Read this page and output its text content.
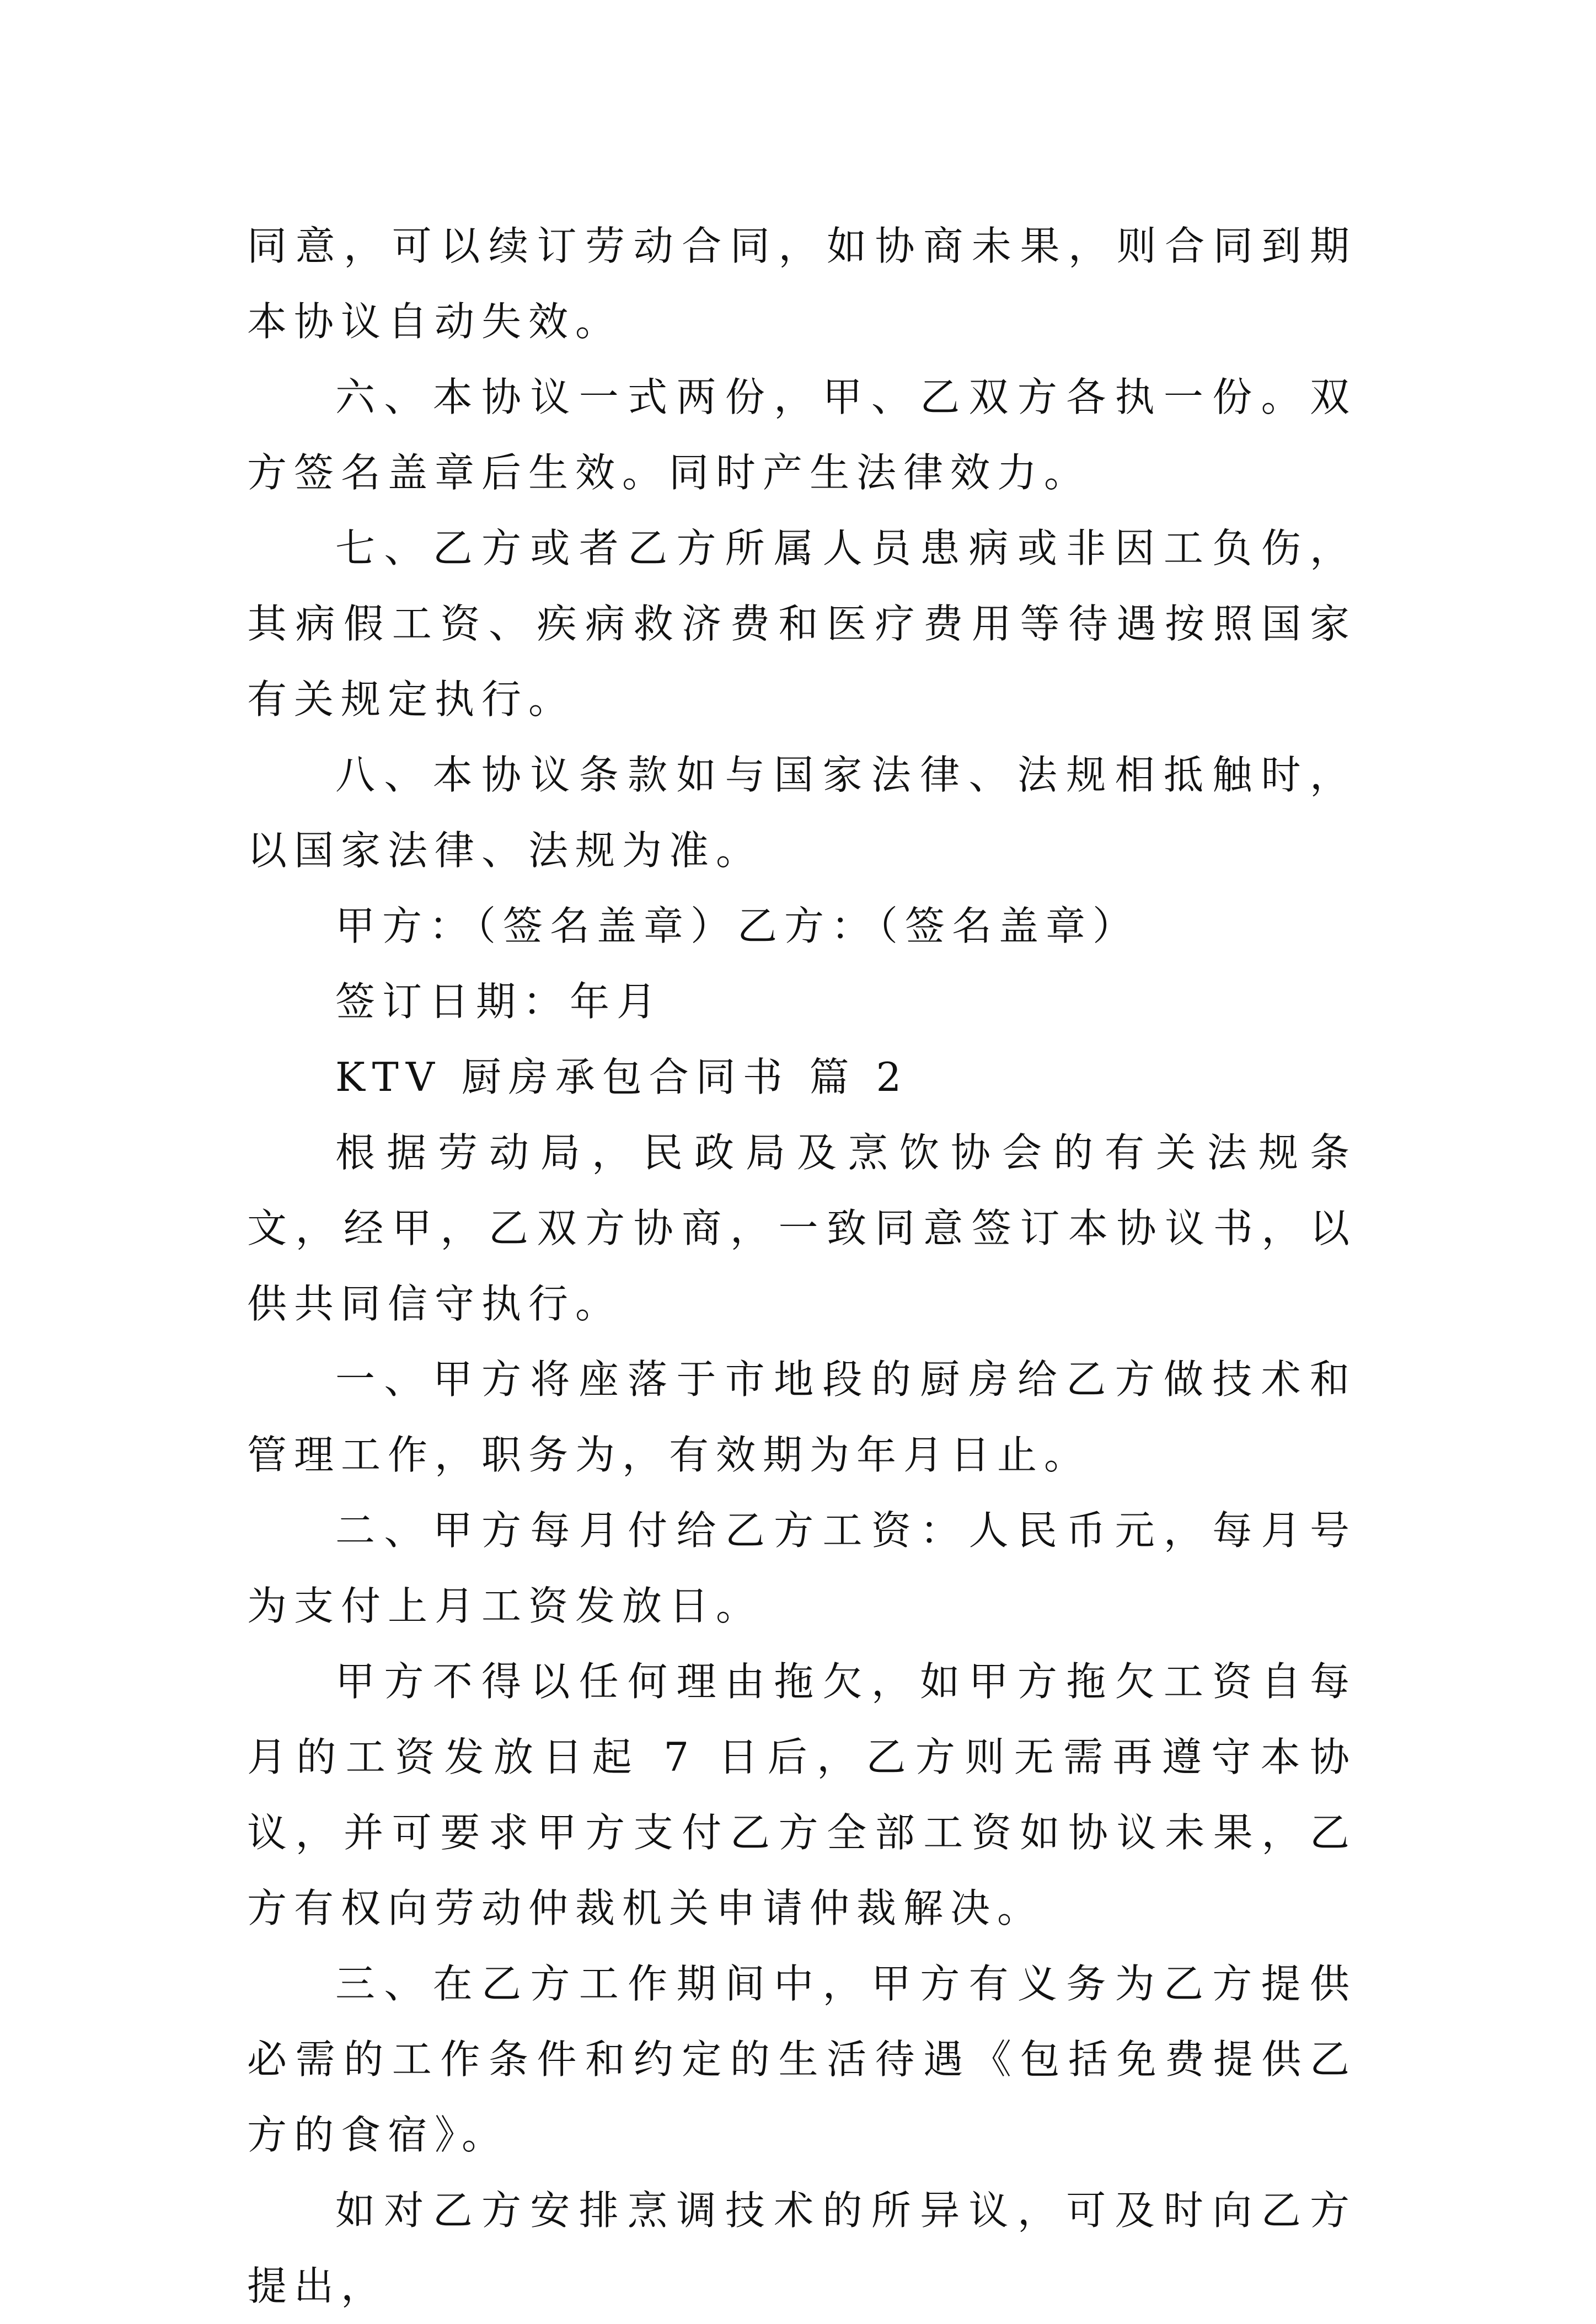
同意，可以续订劳动合同，如协商未果，则合同到期本协议自动失效。

六、本协议一式两份，甲、乙双方各执一份。双方签名盖章后生效。同时产生法律效力。

七、乙方或者乙方所属人员患病或非因工负伤，其病假工资、疾病救济费和医疗费用等待遇按照国家有关规定执行。

八、本协议条款如与国家法律、法规相抵触时，以国家法律、法规为准。

甲方：（签名盖章）乙方：（签名盖章）

签订日期：年月

KTV 厨房承包合同书 篇 2

根据劳动局，民政局及烹饮协会的有关法规条文，经甲，乙双方协商，一致同意签订本协议书，以供共同信守执行。

一、甲方将座落于市地段的厨房给乙方做技术和管理工作，职务为，有效期为年月日止。

二、甲方每月付给乙方工资：人民币元，每月号为支付上月工资发放日。

甲方不得以任何理由拖欠，如甲方拖欠工资自每月的工资发放日起 7 日后，乙方则无需再遵守本协议，并可要求甲方支付乙方全部工资如协议未果，乙方有权向劳动仲裁机关申请仲裁解决。

三、在乙方工作期间中，甲方有义务为乙方提供必需的工作条件和约定的生活待遇《包括免费提供乙方的食宿》。

如对乙方安排烹调技术的所异议，可及时向乙方提出，
